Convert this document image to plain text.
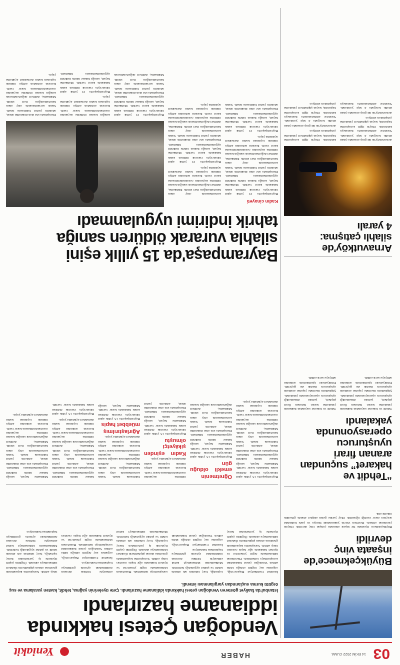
03
14 EKİM 2022 CUMA
HABER
Yeniakit
Büyükçekmece'de
inşaata vinç
devrildi

Büyükçekmece ilçesinde bir inşaat alanında çalışan vinç devrildi. Olayda yaralanan olmadı. Devrilen vincin yakınındaki binaya ve park halindeki araçlara zarar verdiği öğrenildi. Olay yerine gelen ekipler alanda güvenlik önlemi aldı.

Vendoğan Çetesi hakkında
iddianame hazırlandı
İstanbul'da faaliyet gösteren Vendoğan çetesi hakkında iddianame hazırlandı. Çete üyelerinin yağma, tehdit, kasten yaralama ve suç örgütü kurma suçlarından yargılanması istendi.

İstanbul Cumhuriyet Başsavcılığı, organize suç örgütü olduğu iddia edilen Vendoğan çetesi hakkındaki soruşturmayı tamamladı. Hazırlanan iddianamede örgüt yöneticisi ve üyeleri hakkında ağır hapis cezaları talep edildi. Soruşturma kapsamında gözaltına alınan şüphelilerin ifadeleri iddianameye eklendi. Örgütün çeşitli ilçelerde iş yerlerinden haraç topladığı, borç tahsilatı adı altında tehdit ve şiddet uyguladığı belirtildi. Mahkemenin iddianameyi kabul etmesiyle birlikte davanın önümüzdeki aylarda görülmeye başlanması bekleniyor.

İstanbul Cumhuriyet Başsavcılığı, organize suç örgütü olduğu iddia edilen Vendoğan çetesi hakkındaki soruşturmayı tamamladı. Hazırlanan iddianamede örgüt yöneticisi ve üyeleri hakkında ağır hapis cezaları talep edildi. Soruşturma kapsamında gözaltına alınan şüphelilerin ifadeleri iddianameye eklendi. Örgütün çeşitli ilçelerde iş yerlerinden haraç topladığı, borç tahsilatı adı altında tehdit ve şiddet uyguladığı belirtildi. Mahkemenin iddianameyi kabul etmesiyle birlikte davanın önümüzdeki aylarda görülmeye başlanması bekleniyor.

İstanbul Cumhuriyet Başsavcılığı, organize suç örgütü olduğu iddia edilen Vendoğan çetesi hakkındaki soruşturmayı tamamladı. Hazırlanan iddianamede örgüt yöneticisi ve üyeleri hakkında ağır hapis cezaları talep edildi. Soruşturma kapsamında gözaltına alınan şüphelilerin ifadeleri iddianameye eklendi. Örgütün çeşitli ilçelerde iş yerlerinden haraç topladığı, borç tahsilatı adı altında tehdit ve şiddet uyguladığı belirtildi. Mahkemenin iddianameyi kabul etmesiyle birlikte davanın önümüzdeki aylarda görülmeye başlanması bekleniyor.

“Tehdit ve
hakaret” suçundan
aranan firari
uyuşturucu
operasyonunda
yakalandı

Tehdit ve hakaret suçundan hakkında yakalama kararı bulunan firari şüpheli, polisin düzenlediği uyuşturucu operasyonunda yakalandı. Şüphelinin üzerinde yapılan aramada uyuşturucu madde ele geçirildi. Emniyetteki işlemlerinin ardından adliyeye sevk edildi.

Tehdit ve hakaret suçundan hakkında yakalama kararı bulunan firari şüpheli, polisin düzenlediği uyuşturucu operasyonunda yakalandı. Şüphelinin üzerinde yapılan aramada uyuşturucu madde ele geçirildi. Emniyetteki işlemlerinin ardından adliyeye sevk edildi.

Arnavutköy'de
silahlı çatışma:
4 yaralı

Arnavutköy'de iki grup arasında çıkan silahlı kavgada 4 kişi yaralandı. Yaralılar ambulanslarla hastaneye kaldırıldı. Olayla ilgili soruşturma başlatıldı, kaçan şüphelileri yakalama çalışmaları sürüyor.

Arnavutköy'de iki grup arasında çıkan silahlı kavgada 4 kişi yaralandı. Yaralılar ambulanslarla hastaneye kaldırıldı. Olayla ilgili soruşturma başlatıldı, kaçan şüphelileri yakalama çalışmaları sürüyor.

Arnavutköy'de iki grup arasında çıkan silahlı kavgada 4 kişi yaralandı. Yaralılar ambulanslarla hastaneye kaldırıldı. Olayla ilgili soruşturma başlatıldı, kaçan şüphelileri yakalama çalışmaları sürüyor.

Bayrampaşa'da 15 yıllık eşini tabancayla vurarak öldüren sanık hakkında karar verildi. Mahkeme heyeti, sanığa haksız tahrik indirimi uygulanmamasına hükmetti. Duruşmada söz alan maktulün ailesi, adaletin yerini bulmasını istedi. Sanık savunmasında olay anını hatırlamadığını ileri sürdü. Mahkeme, delilleri değerlendirerek sanığın kasten öldürme suçundan cezalandırılmasına karar verdi. Kararın ardından adliye önünde toplanan kadın dernekleri açıklama yaptı.

Öğretmenin emekli olduğu gün

Bayrampaşa'da 15 yıllık eşini tabancayla vurarak öldüren sanık hakkında karar verildi. Mahkeme heyeti, sanığa haksız tahrik indirimi uygulanmamasına hükmetti. Duruşmada söz alan maktulün ailesi, adaletin yerini bulmasını istedi. Sanık savunmasında olay anını hatırlamadığını ileri sürdü. Mahkeme, delilleri değerlendirerek sanığın kasten öldürme suçundan cezalandırılmasına karar verdi. Kararın ardından adliye önünde toplanan kadın dernekleri açıklama yaptı.

Kadın eşinden şikâyetçi olmuştu

Bayrampaşa'da 15 yıllık eşini tabancayla vurarak öldüren sanık hakkında karar verildi. Mahkeme heyeti, sanığa haksız tahrik indirimi uygulanmamasına hükmetti. Duruşmada söz alan maktulün ailesi, adaletin yerini bulmasını istedi. Sanık savunmasında olay anını hatırlamadığını ileri sürdü. Mahkeme, delilleri değerlendirerek sanığın kasten öldürme suçundan cezalandırılmasına karar verdi. Kararın ardından adliye önünde toplanan kadın dernekleri açıklama yaptı.

Ağırlaştırılmış müebbet hapis

Bayrampaşa'da 15 yıllık eşini tabancayla vurarak öldüren sanık hakkında karar verildi. Mahkeme heyeti, sanığa haksız tahrik indirimi uygulanmamasına hükmetti. Duruşmada söz alan maktulün ailesi, adaletin yerini bulmasını istedi. Sanık savunmasında olay anını hatırlamadığını ileri sürdü. Mahkeme, delilleri değerlendirerek sanığın kasten öldürme suçundan cezalandırılmasına karar verdi. Kararın ardından adliye önünde toplanan kadın dernekleri açıklama yaptı.

Bayrampaşa'da 15 yıllık eşini tabancayla vurarak öldüren sanık hakkında karar verildi. Mahkeme heyeti, sanığa haksız tahrik indirimi uygulanmamasına hükmetti. Duruşmada söz alan maktulün ailesi, adaletin yerini bulmasını istedi. Sanık savunmasında olay anını hatırlamadığını ileri sürdü. Mahkeme, delilleri değerlendirerek sanığın kasten öldürme suçundan cezalandırılmasına karar verdi. Kararın ardından adliye önünde toplanan kadın dernekleri açıklama yaptı.

Bayrampaşa'da 15 yıllık eşini
silahla vurarak öldüren sanığa
tahrik indirimi uygulanmadı
Kadın cinayeti

Bayrampaşa'da 15 yıllık eşini tabancayla vurarak öldüren sanık hakkında karar verildi. Mahkeme heyeti, sanığa haksız tahrik indirimi uygulanmamasına hükmetti. Duruşmada söz alan maktulün ailesi, adaletin yerini bulmasını istedi. Sanık savunmasında olay anını hatırlamadığını ileri sürdü. Mahkeme, delilleri değerlendirerek sanığın kasten öldürme suçundan cezalandırılmasına karar verdi. Kararın ardından adliye önünde toplanan kadın dernekleri açıklama yaptı.

Bayrampaşa'da 15 yıllık eşini tabancayla vurarak öldüren sanık hakkında karar verildi. Mahkeme heyeti, sanığa haksız tahrik indirimi uygulanmamasına hükmetti. Duruşmada söz alan maktulün ailesi, adaletin yerini bulmasını istedi. Sanık savunmasında olay anını hatırlamadığını ileri sürdü. Mahkeme, delilleri değerlendirerek sanığın kasten öldürme suçundan cezalandırılmasına karar verdi. Kararın ardından adliye önünde toplanan kadın dernekleri açıklama yaptı.

Bayrampaşa'da 15 yıllık eşini tabancayla vurarak öldüren sanık hakkında karar verildi. Mahkeme heyeti, sanığa haksız tahrik indirimi uygulanmamasına hükmetti. Duruşmada söz alan maktulün ailesi, adaletin yerini bulmasını istedi. Sanık savunmasında olay anını hatırlamadığını ileri sürdü. Mahkeme, delilleri değerlendirerek sanığın kasten öldürme suçundan cezalandırılmasına karar verdi. Kararın ardından adliye önünde toplanan kadın dernekleri açıklama yaptı.

Bayrampaşa'da 15 yıllık eşini tabancayla vurarak öldüren sanık hakkında karar verildi. Mahkeme heyeti, sanığa haksız tahrik indirimi uygulanmamasına hükmetti. Duruşmada söz alan maktulün ailesi, adaletin yerini bulmasını istedi. Sanık savunmasında olay anını hatırlamadığını ileri sürdü. Mahkeme, delilleri değerlendirerek sanığın kasten öldürme suçundan cezalandırılmasına karar verdi. Kararın ardından adliye önünde toplanan kadın dernekleri açıklama yaptı.

Bayrampaşa'da 15 yıllık eşini tabancayla vurarak öldüren sanık hakkında karar verildi. Mahkeme heyeti, sanığa haksız tahrik indirimi uygulanmamasına hükmetti. Duruşmada söz alan maktulün ailesi, adaletin yerini bulmasını istedi. Sanık savunmasında olay anını hatırlamadığını ileri sürdü. Mahkeme, delilleri değerlendirerek sanığın kasten öldürme suçundan cezalandırılmasına karar verdi. Kararın ardından adliye önünde toplanan kadın dernekleri açıklama yaptı.
